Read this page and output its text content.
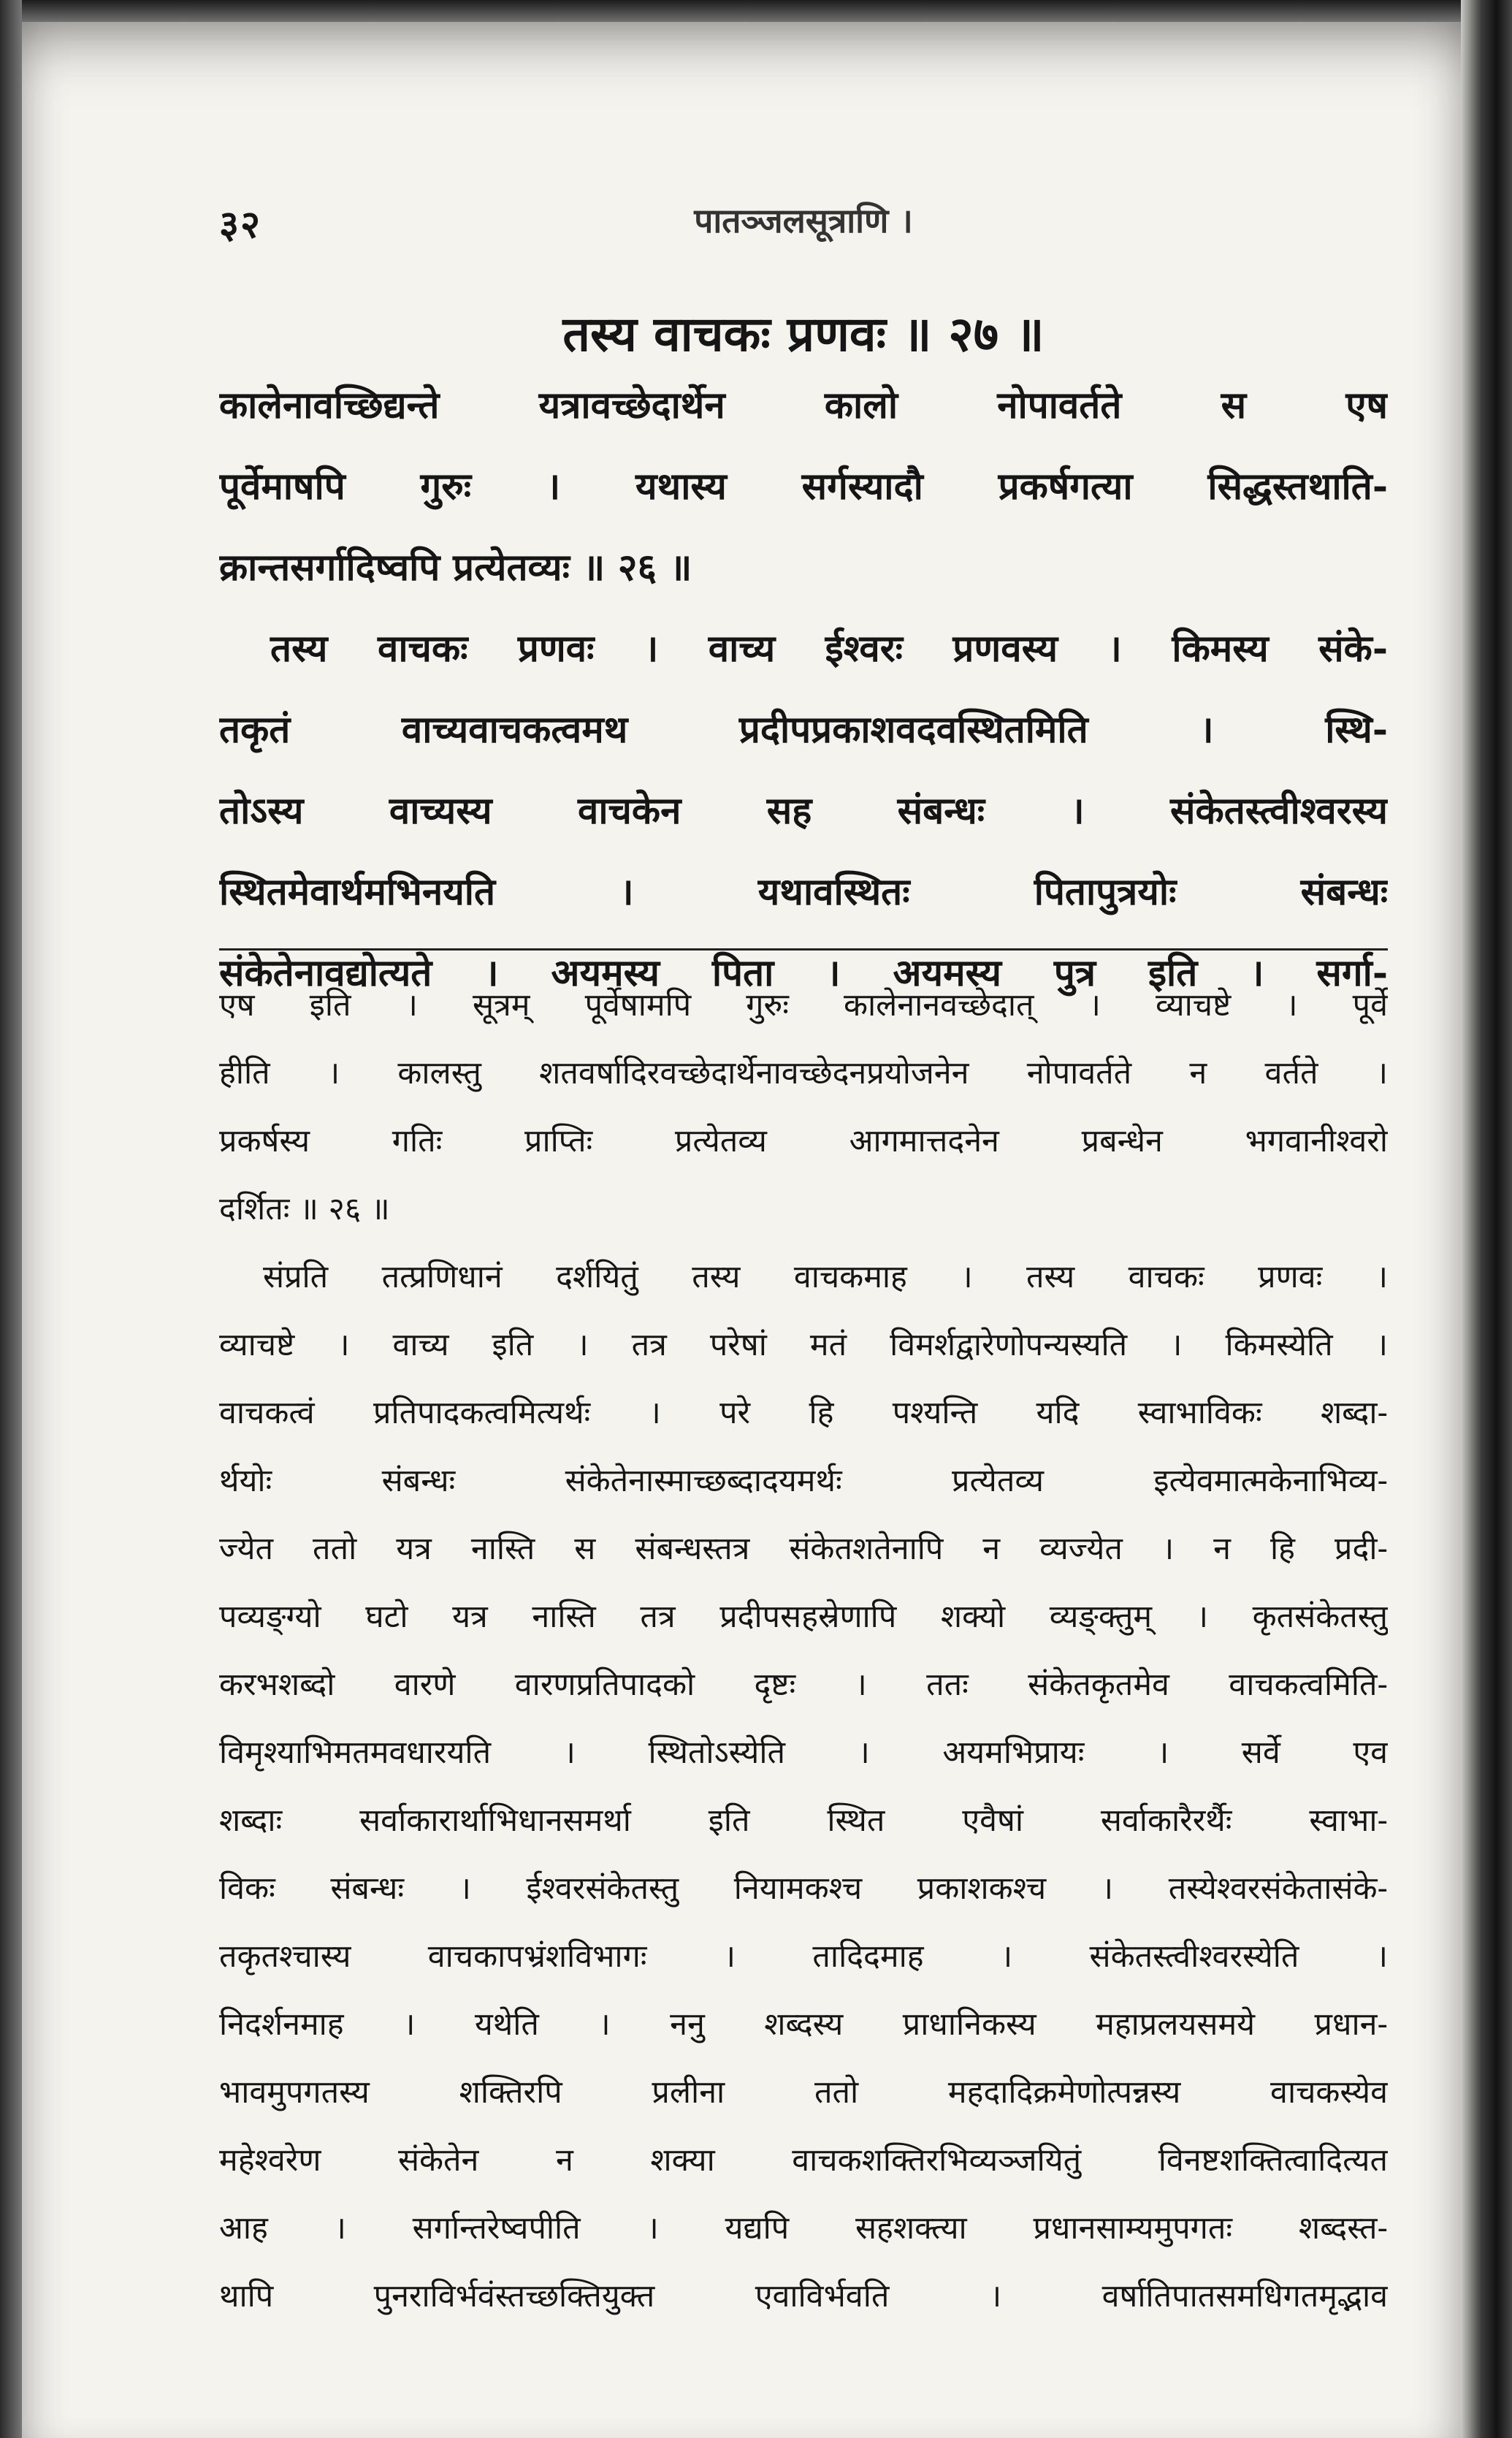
३२	पातञ्जलसूत्राणि ।
तस्य वाचकः प्रणवः ॥ २७ ॥
कालेनावच्छिद्यन्ते यत्रावच्छेदार्थेन कालो नोपावर्तते स एष
पूर्वेमाषपि गुरुः । यथास्य सर्गस्यादौ प्रकर्षगत्या सिद्धस्तथाति-
क्रान्तसर्गादिष्वपि प्रत्येतव्यः ॥ २६ ॥
तस्य वाचकः प्रणवः । वाच्य ईश्वरः प्रणवस्य । किमस्य संके-
तकृतं वाच्यवाचकत्वमथ प्रदीपप्रकाशवदवस्थितमिति । स्थि-
तोऽस्य वाच्यस्य वाचकेन सह संबन्धः । संकेतस्त्वीश्वरस्य
स्थितमेवार्थमभिनयति । यथावस्थितः पितापुत्रयोः संबन्धः
संकेतेनावद्योत्यते । अयमस्य पिता । अयमस्य पुत्र इति । सर्गा-
एष इति । सूत्रम् पूर्वेषामपि गुरुः कालेनानवच्छेदात् । व्याचष्टे । पूर्वे
हीति । कालस्तु शतवर्षादिरवच्छेदार्थेनावच्छेदनप्रयोजनेन नोपावर्तते न वर्तते ।
प्रकर्षस्य गतिः प्राप्तिः प्रत्येतव्य आगमात्तदनेन प्रबन्धेन भगवानीश्वरो
दर्शितः ॥ २६ ॥
संप्रति तत्प्रणिधानं दर्शयितुं तस्य वाचकमाह । तस्य वाचकः प्रणवः ।
व्याचष्टे । वाच्य इति । तत्र परेषां मतं विमर्शद्वारेणोपन्यस्यति । किमस्येति ।
वाचकत्वं प्रतिपादकत्वमित्यर्थः । परे हि पश्यन्ति यदि स्वाभाविकः शब्दा-
र्थयोः संबन्धः संकेतेनास्माच्छब्दादयमर्थः प्रत्येतव्य इत्येवमात्मकेनाभिव्य-
ज्येत ततो यत्र नास्ति स संबन्धस्तत्र संकेतशतेनापि न व्यज्येत । न हि प्रदी-
पव्यङ्ग्यो घटो यत्र नास्ति तत्र प्रदीपसहस्रेणापि शक्यो व्यङ्क्तुम् । कृतसंकेतस्तु
करभशब्दो वारणे वारणप्रतिपादको दृष्टः । ततः संकेतकृतमेव वाचकत्वमिति-
विमृश्याभिमतमवधारयति । स्थितोऽस्येति । अयमभिप्रायः । सर्वे एव
शब्दाः सर्वाकारार्थाभिधानसमर्था इति स्थित एवैषां सर्वाकारैरर्थैः स्वाभा-
विकः संबन्धः । ईश्वरसंकेतस्तु नियामकश्च प्रकाशकश्च । तस्येश्वरसंकेतासंके-
तकृतश्चास्य वाचकापभ्रंशविभागः । तादिदमाह । संकेतस्त्वीश्वरस्येति ।
निदर्शनमाह । यथेति । ननु शब्दस्य प्राधानिकस्य महाप्रलयसमये प्रधान-
भावमुपगतस्य शक्तिरपि प्रलीना ततो महदादिक्रमेणोत्पन्नस्य वाचकस्येव
महेश्वरेण संकेतेन न शक्या वाचकशक्तिरभिव्यञ्जयितुं विनष्टशक्तित्वादित्यत
आह । सर्गान्तरेष्वपीति । यद्यपि सहशक्त्या प्रधानसाम्यमुपगतः शब्दस्त-
थापि पुनराविर्भवंस्तच्छक्तियुक्त एवाविर्भवति । वर्षातिपातसमधिगतमृद्भाव
